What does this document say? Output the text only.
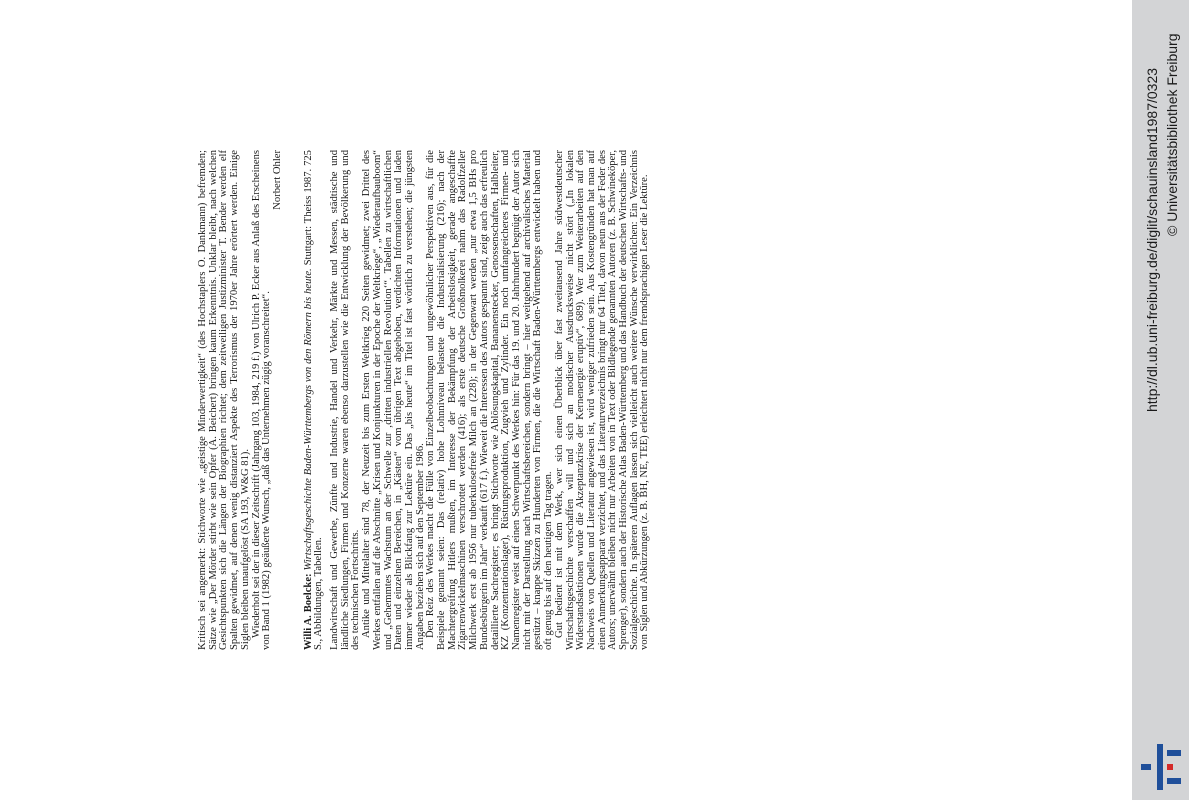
Kritisch sei angemerkt: Stichworte wie „geistige Minderwertigkeit“ (des Hochstaplers O. Dankmann) befremden; Sätze wie „Der Mörder stirbt wie sein Opfer (A. Beichert) bringen kaum Erkenntnis. Unklar bleibt, nach welchen Gesichtspunkten sich die Längen der Biographien richtet; dem zeitweiligen Justizminister T. Bender werden elf Spalten gewidmet, auf denen wenig distanziert Aspekte des Terrorismus der 1970er Jahre erörtert werden. Einige Siglen bleiben unaufgelöst (SA 193, W&G 81). Wiederholt sei der in dieser Zeitschrift (Jahrgang 103, 1984, 219 f.) von Ulrich P. Ecker aus Anlaß des Erscheinens von Band 1 (1982) geäußerte Wunsch, „daß das Unternehmen zügig voranschreitet“.

Norbert Ohler

Willi A. Boelcke: Wirtschaftsgeschichte Baden-Württembergs von den Römern bis heute. Stuttgart: Theiss 1987. 725 S., Abbildungen, Tabellen. Landwirtschaft und Gewerbe, Zünfte und Industrie, Handel und Verkehr, Märkte und Messen, städtische und ländliche Siedlungen, Firmen und Konzerne waren ebenso darzustellen wie die Entwicklung der Bevölkerung und des technischen Fortschritts. Antike und Mittelalter sind 78, der Neuzeit bis zum Ersten Weltkrieg 220 Seiten gewidmet; zwei Drittel des Werkes entfallen auf die Abschnitte „Krisen und Konjunkturen in der Epoche der Weltkriege“, „Wiederaufbauboom“ und „Gehemmtes Wachstum an der Schwelle zur ‚dritten industriellen Revolution‘“. Tabellen zu wirtschaftlichen Daten und einzelnen Bereichen, in „Kästen“ vom übrigen Text abgehoben, verdichten Informationen und laden immer wieder als Blickfang zur Lektüre ein. Das „bis heute“ im Titel ist fast wörtlich zu verstehen; die jüngsten Angaben beziehen sich auf den September 1986. Den Reiz des Werkes macht die Fülle von Einzelbeobachtungen und ungewöhnlicher Perspektiven aus, für die Beispiele genannt seien: Das (relativ) hohe Lohnniveau belastete die Industrialisierung (216); nach der Machtergreifung Hitlers mußten, im Interesse der Bekämpfung der Arbeitslosigkeit, gerade angeschaffte Zigarrenwickelmaschinen verschrottet werden (416); als erste deutsche Großmolkerei nahm das Radolfzeller Milchwerk erst ab 1956 nur tuberkulosefreie Milch an (228); in der Gegenwart werden „nur etwa 1,5 BHs pro Bundesbürgerin im Jahr“ verkauft (617 f.). Wieweit die Interessen des Autors gespannt sind, zeigt auch das erfreulich detaillierte Sachregister; es bringt Stichworte wie Ablösungskapital, Bananenstecker, Genossenschaften, Halbleiter, KZ (Konzentrationslager), Rüstungsproduktion, Zugvieh und Zylinder. Ein noch umfangreicheres Firmen- und Namenregister weist auf einen Schwerpunkt des Werkes hin: Für das 19. und 20. Jahrhundert begnügt der Autor sich nicht mit der Darstellung nach Wirtschaftsbereichen, sondern bringt – hier weitgehend auf archivalisches Material gestützt – knappe Skizzen zu Hunderten von Firmen, die die Wirtschaft Baden-Württembergs entwickelt haben und oft genug bis auf den heutigen Tag tragen. Gut bedient ist mit dem Werk, wer sich einen Überblick über fast zweitausend Jahre südwestdeutscher Wirtschaftsgeschichte verschaffen will und sich an modischer Ausdrucksweise nicht stört („In lokalen Widerstandsaktionen wurde die Akzeptanzkrise der Kernenergie eruptiv“, 689). Wer zum Weiterarbeiten auf den Nachweis von Quellen und Literatur angewiesen ist, wird weniger zufrieden sein. Aus Kostengründen hat man auf einen Anmerkungsapparat verzichtet, und das Literaturverzeichnis bringt nur 64 Titel, davon neun aus der Feder des Autors; unerwähnt bleiben nicht nur Arbeiten von in Text oder Bildlegende genannten Autoren (z. B. Schwineköper, Sprenger), sondern auch der Historische Atlas Baden-Württemberg und das Handbuch der deutschen Wirtschafts- und Sozialgeschichte. In späteren Auflagen lassen sich vielleicht auch weitere Wünsche verwirklichen: Ein Verzeichnis von Siglen und Abkürzungen (z. B. BH, NE, TEE) erleichtert nicht nur dem fremdsprachigen Leser die Lektüre.	http://dl.ub.uni-freiburg.de/diglit/schauinsland1987/0323 © Universitätsbibliothek Freiburg
